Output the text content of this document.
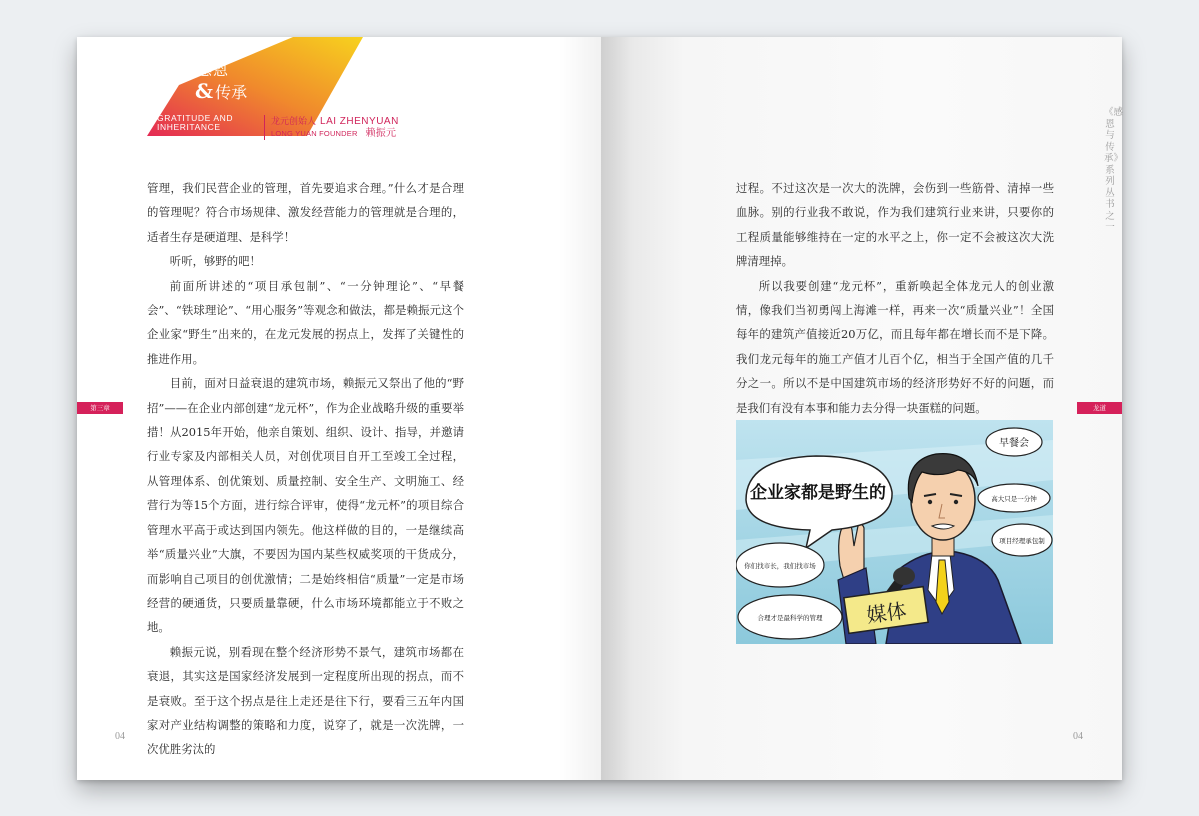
感恩
& 传承
GRATITUDE AND
INHERITANCE
龙元创始人 LAI ZHENYUAN
LONG YUAN FOUNDER 赖振元

管理，我们民营企业的管理，首先要追求合理。”什么才是合理的管理呢？符合市场规律、激发经营能力的管理就是合理的，适者生存是硬道理、是科学！

听听，够野的吧！

前面所讲述的“项目承包制”、“一分钟理论”、“早餐会”、“铁球理论”、“用心服务”等观念和做法，都是赖振元这个企业家“野生”出来的，在龙元发展的拐点上，发挥了关键性的推进作用。

目前，面对日益衰退的建筑市场，赖振元又祭出了他的“野招”——在企业内部创建“龙元杯”，作为企业战略升级的重要举措！从2015年开始，他亲自策划、组织、设计、指导，并邀请行业专家及内部相关人员，对创优项目自开工至竣工全过程，从管理体系、创优策划、质量控制、安全生产、文明施工、经营行为等15个方面，进行综合评审，使得“龙元杯”的项目综合管理水平高于或达到国内领先。他这样做的目的，一是继续高举“质量兴业”大旗，不要因为国内某些权威奖项的干货成分，而影响自己项目的创优激情；二是始终相信“质量”一定是市场经营的硬通货，只要质量靠硬，什么市场环境都能立于不败之地。

赖振元说，别看现在整个经济形势不景气，建筑市场都在衰退，其实这是国家经济发展到一定程度所出现的拐点，而不是衰败。至于这个拐点是往上走还是往下行，要看三五年内国家对产业结构调整的策略和力度，说穿了，就是一次洗牌，一次优胜劣汰的

第三章
04

过程。不过这次是一次大的洗牌，会伤到一些筋骨、清掉一些血脉。别的行业我不敢说，作为我们建筑行业来讲，只要你的工程质量能够维持在一定的水平之上，你一定不会被这次大洗牌清理掉。

所以我要创建“龙元杯”，重新唤起全体龙元人的创业激情，像我们当初勇闯上海滩一样，再来一次“质量兴业”！全国每年的建筑产值接近20万亿，而且每年都在增长而不是下降。我们龙元每年的施工产值才儿百个亿，相当于全国产值的几千分之一。所以不是中国建筑市场的经济形势好不好的问题，而是我们有没有本事和能力去分得一块蛋糕的问题。

《感恩与传承》系列丛书之一
龙道
04
媒体
企业家都是野生的
早餐会
高大只是一分钟
项目经理承包制
你们找市长，我们找市场
合理才是最科学的管理
